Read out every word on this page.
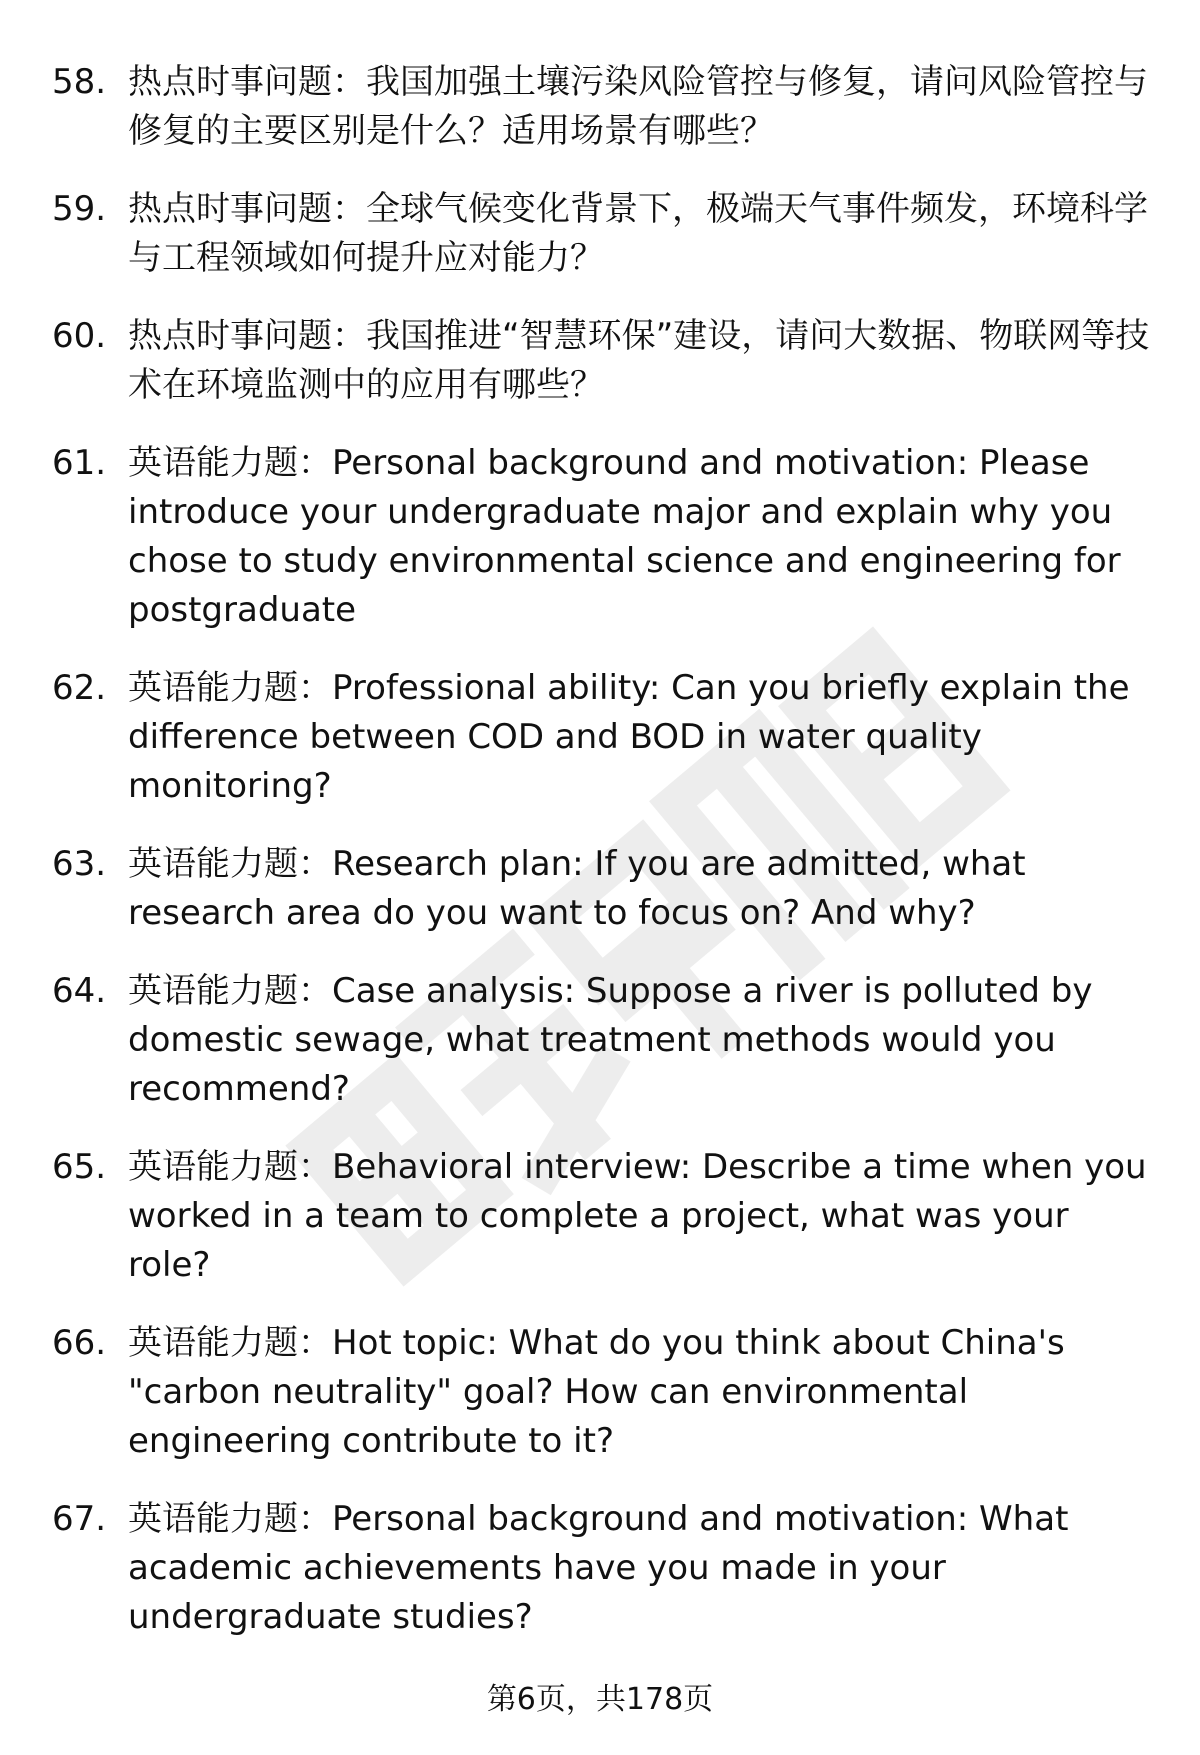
58. 热点时事问题：我国加强土壤污染风险管控与修复，请问风险管控与修复的主要区别是什么？适用场景有哪些？
59. 热点时事问题：全球气候变化背景下，极端天气事件频发，环境科学与工程领域如何提升应对能力？
60. 热点时事问题：我国推进“智慧环保”建设，请问大数据、物联网等技术在环境监测中的应用有哪些？
61. 英语能力题：Personal background and motivation: Please introduce your undergraduate major and explain why you chose to study environmental science and engineering for postgraduate
62. 英语能力题：Professional ability: Can you briefly explain the difference between COD and BOD in water quality monitoring?
63. 英语能力题：Research plan: If you are admitted, what research area do you want to focus on? And why?
64. 英语能力题：Case analysis: Suppose a river is polluted by domestic sewage, what treatment methods would you recommend?
65. 英语能力题：Behavioral interview: Describe a time when you worked in a team to complete a project, what was your role?
66. 英语能力题：Hot topic: What do you think about China's "carbon neutrality" goal? How can environmental engineering contribute to it?
67. 英语能力题：Personal background and motivation: What academic achievements have you made in your undergraduate studies?
第6页，共178页
